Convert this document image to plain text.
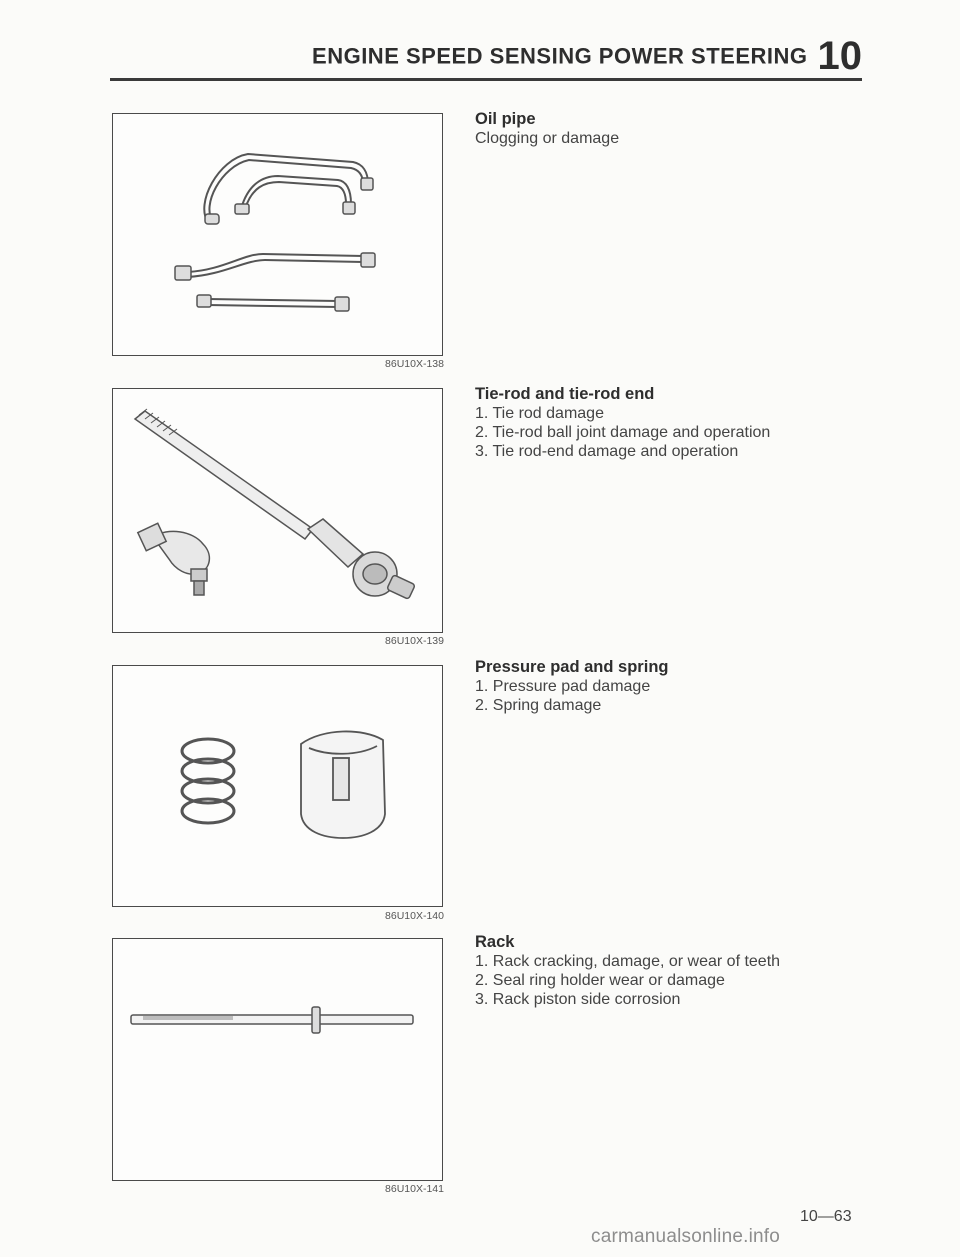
ENGINE SPEED SENSING POWER STEERING 10
86U10X-138
86U10X-139
86U10X-140
86U10X-141
Oil pipe
Clogging or damage
Tie-rod and tie-rod end
1. Tie rod damage
2. Tie-rod ball joint damage and operation
3. Tie rod-end damage and operation
Pressure pad and spring
1. Pressure pad damage
2. Spring damage
Rack
1. Rack cracking, damage, or wear of teeth
2. Seal ring holder wear or damage
3. Rack piston side corrosion
10—63
carmanualsonline.info
